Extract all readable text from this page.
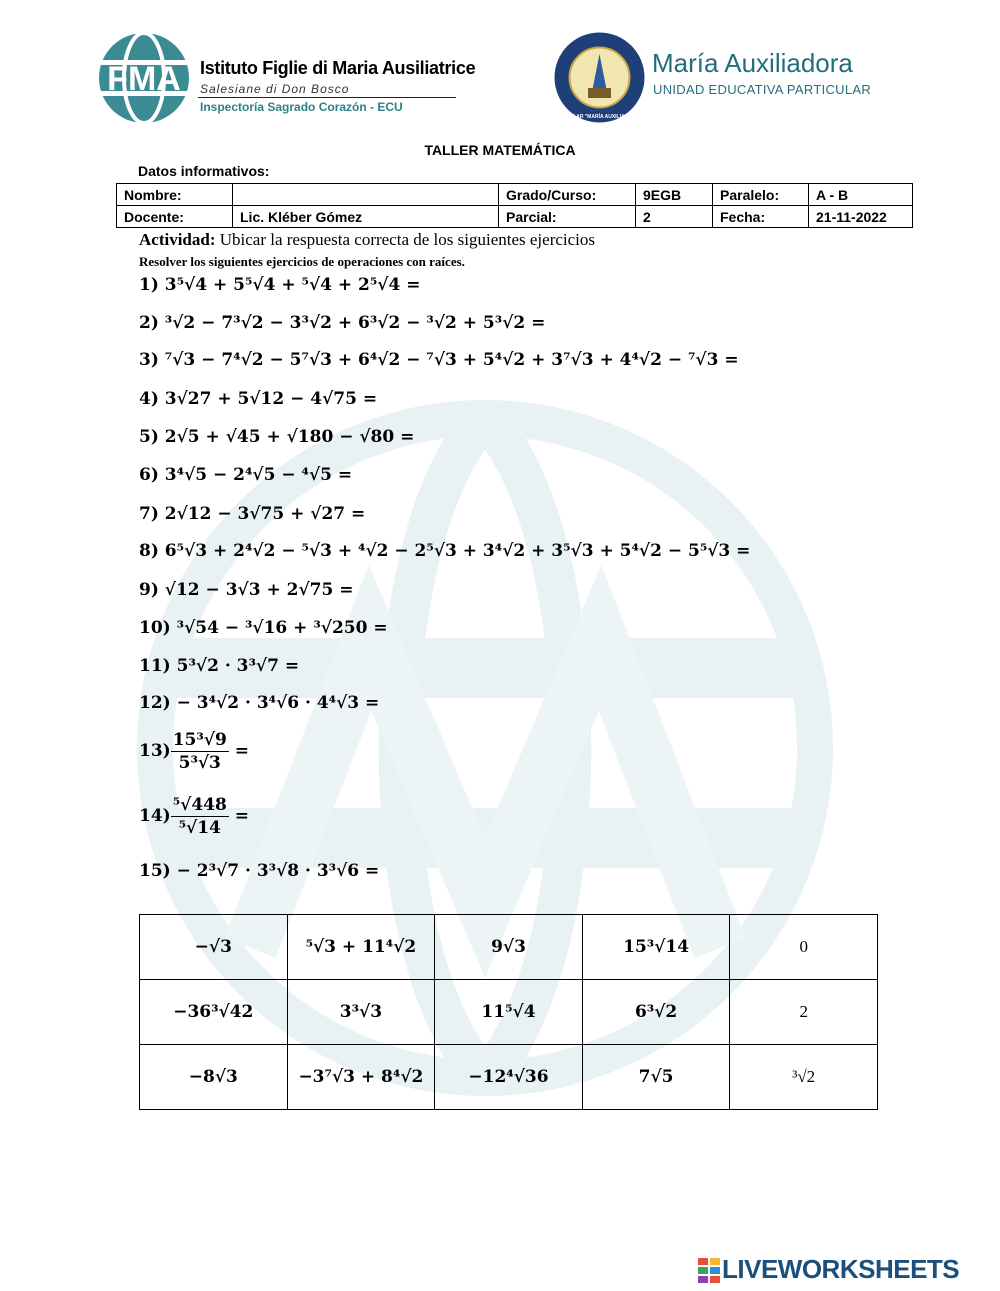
FMA Istituto Figlie di Maria Ausiliatrice
Salesiane di Don Bosco
Inspectoría Sagrado Corazón - ECU
U.E. PARTICULAR "MARÍA AUXILIADORA" QUITO
María Auxiliadora
UNIDAD EDUCATIVA PARTICULAR
TALLER MATEMÁTICA
Datos informativos:
Nombre:		Grado/Curso:	9EGB	Paralelo:	A - B
Docente:	Lic. Kléber Gómez	Parcial:	2	Fecha:	21-11-2022
Actividad: Ubicar la respuesta correcta de los siguientes ejercicios
Resolver los siguientes ejercicios de operaciones con raíces.
1) 3⁵√4 + 5⁵√4 + ⁵√4 + 2⁵√4 =
2) ³√2 − 7³√2 − 3³√2 + 6³√2 − ³√2 + 5³√2 =
3) ⁷√3 − 7⁴√2 − 5⁷√3 + 6⁴√2 − ⁷√3 + 5⁴√2 + 3⁷√3 + 4⁴√2 − ⁷√3 =
4) 3√27 + 5√12 − 4√75 =
5) 2√5 + √45 + √180 − √80 =
6) 3⁴√5 − 2⁴√5 − ⁴√5 =
7) 2√12 − 3√75 + √27 =
8) 6⁵√3 + 2⁴√2 − ⁵√3 + ⁴√2 − 2⁵√3 + 3⁴√2 + 3⁵√3 + 5⁴√2 − 5⁵√3 =
9) √12 − 3√3 + 2√75 =
10) ³√54 − ³√16 + ³√250 =
11) 5³√2 · 3³√7 =
12) − 3⁴√2 · 3⁴√6 · 4⁴√3 =
$13) \frac{\text{15³√9}}{\text{5³√3}}$ =
$14) \frac{\text{⁵√448}}{\text{⁵√14}}$ =
15) − 2³√7 · 3³√8 · 3³√6 =
−√3	⁵√3 + 11⁴√2	9√3	15³√14	0
−36³√42	3³√3	11⁵√4	6³√2	2
−8√3	−3⁷√3 + 8⁴√2	−12⁴√36	7√5	³√2
LIVEWORKSHEETS
